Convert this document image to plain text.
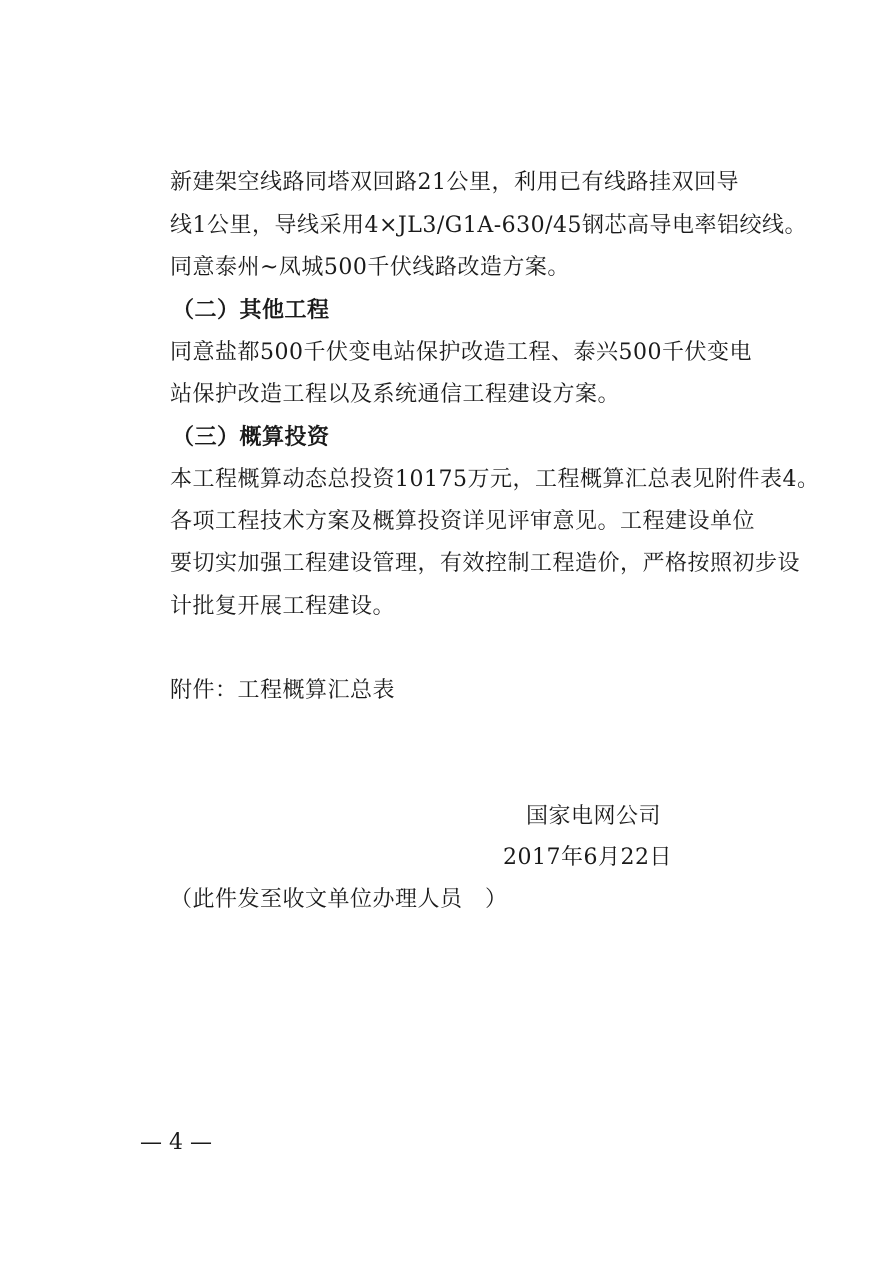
新建架空线路同塔双回路21公里，利用已有线路挂双回导
线1公里，导线采用4×JL3/G1A-630/45钢芯高导电率铝绞线。
同意泰州~凤城500千伏线路改造方案。
（二）其他工程
同意盐都500千伏变电站保护改造工程、泰兴500千伏变电
站保护改造工程以及系统通信工程建设方案。
（三）概算投资
本工程概算动态总投资10175万元，工程概算汇总表见附件表4。
各项工程技术方案及概算投资详见评审意见。工程建设单位
要切实加强工程建设管理，有效控制工程造价，严格按照初步设
计批复开展工程建设。
附件：工程概算汇总表
国家电网公司
2017年6月22日
（此件发至收文单位办理人员　）
— 4 —
